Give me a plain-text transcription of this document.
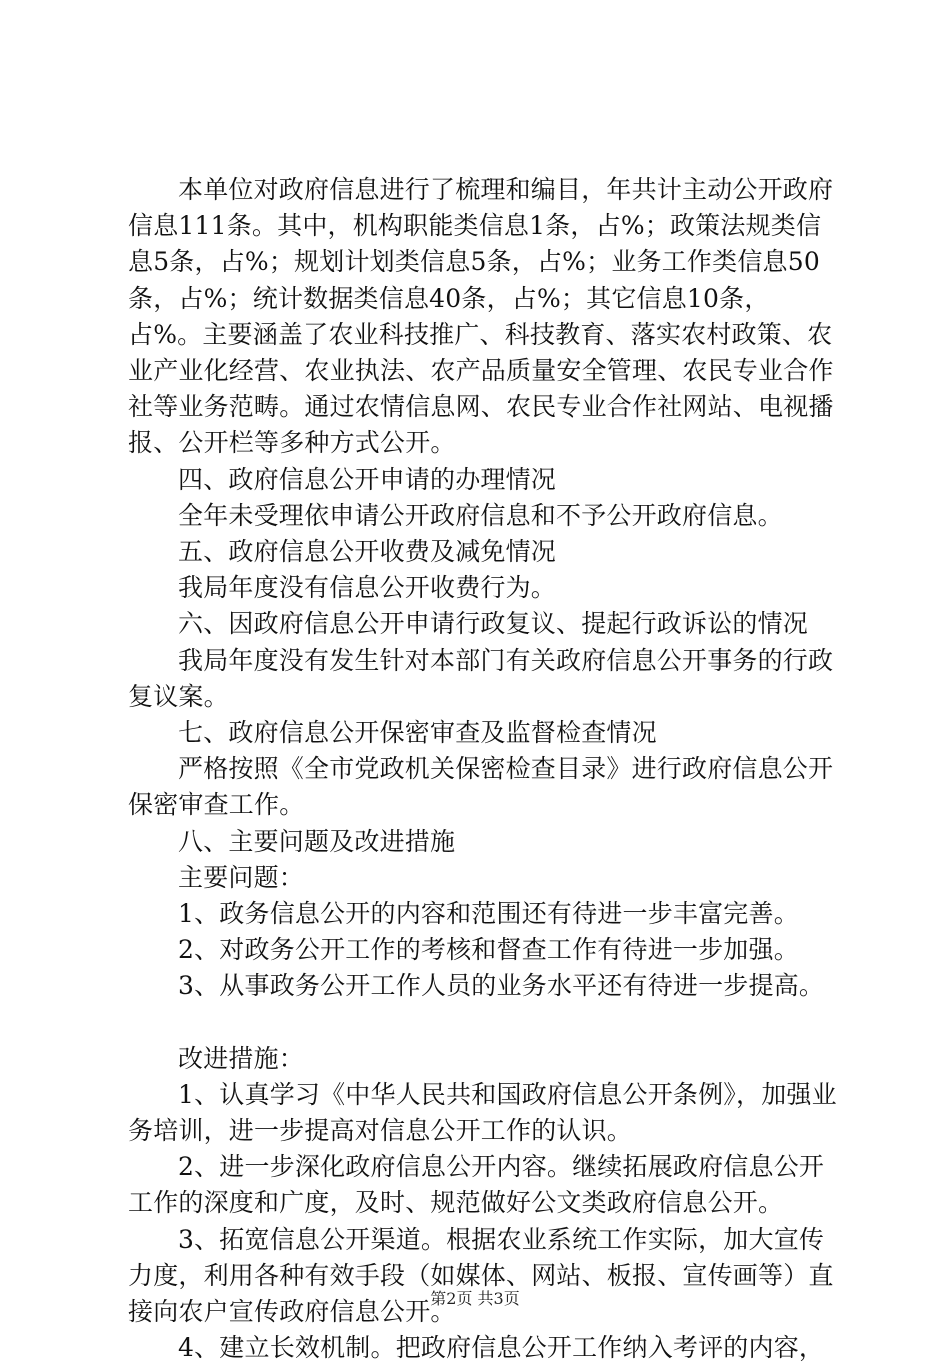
本单位对政府信息进行了梳理和编目，年共计主动公开政府信息111条。其中，机构职能类信息1条，占%；政策法规类信息5条，占%；规划计划类信息5条，占%；业务工作类信息50条，占%；统计数据类信息40条，占%；其它信息10条，占%。主要涵盖了农业科技推广、科技教育、落实农村政策、农业产业化经营、农业执法、农产品质量安全管理、农民专业合作社等业务范畴。通过农情信息网、农民专业合作社网站、电视播报、公开栏等多种方式公开。

四、政府信息公开申请的办理情况

全年未受理依申请公开政府信息和不予公开政府信息。

五、政府信息公开收费及减免情况

我局年度没有信息公开收费行为。

六、因政府信息公开申请行政复议、提起行政诉讼的情况

我局年度没有发生针对本部门有关政府信息公开事务的行政复议案。

七、政府信息公开保密审查及监督检查情况

严格按照《全市党政机关保密检查目录》进行政府信息公开保密审查工作。

八、主要问题及改进措施

主要问题：

1、政务信息公开的内容和范围还有待进一步丰富完善。

2、对政务公开工作的考核和督查工作有待进一步加强。

3、从事政务公开工作人员的业务水平还有待进一步提高。

改进措施：

1、认真学习《中华人民共和国政府信息公开条例》，加强业务培训，进一步提高对信息公开工作的认识。

2、进一步深化政府信息公开内容。继续拓展政府信息公开工作的深度和广度，及时、规范做好公文类政府信息公开。

3、拓宽信息公开渠道。根据农业系统工作实际，加大宣传力度，利用各种有效手段（如媒体、网站、板报、宣传画等）直接向农户宣传政府信息公开。

4、建立长效机制。把政府信息公开工作纳入考评的内容，

第2页 共3页
